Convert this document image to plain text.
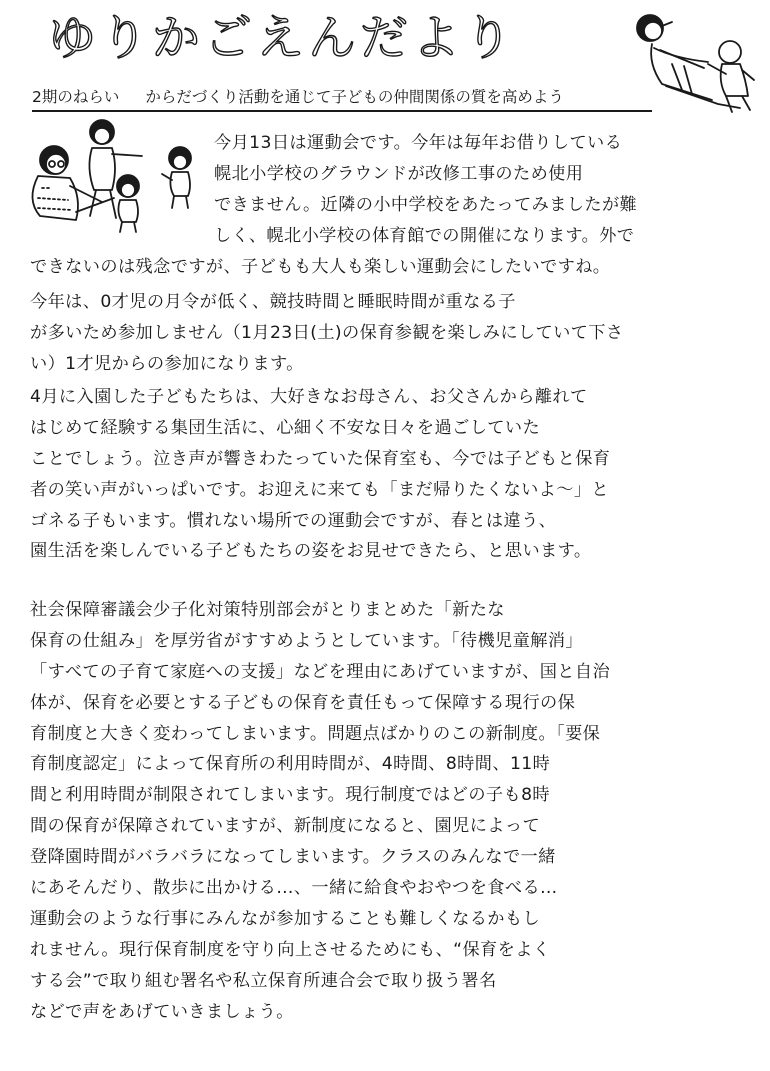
ゆりかごえんだより
2期のねらい からだづくり活動を通じて子どもの仲間関係の質を高めよう
今月13日は運動会です。今年は毎年お借りしている
幌北小学校のグラウンドが改修工事のため使用
できません。近隣の小中学校をあたってみましたが難
しく、幌北小学校の体育館での開催になります。外で
できないのは残念ですが、子どもも大人も楽しい運動会にしたいですね。
今年は、0才児の月令が低く、競技時間と睡眠時間が重なる子
が多いため参加しません（1月23日(土)の保育参観を楽しみにしていて下さ
い）1才児からの参加になります。
4月に入園した子どもたちは、大好きなお母さん、お父さんから離れて
はじめて経験する集団生活に、心細く不安な日々を過ごしていた
ことでしょう。泣き声が響きわたっていた保育室も、今では子どもと保育
者の笑い声がいっぱいです。お迎えに来ても「まだ帰りたくないよ～」と
ゴネる子もいます。慣れない場所での運動会ですが、春とは違う、
園生活を楽しんでいる子どもたちの姿をお見せできたら、と思います。
社会保障審議会少子化対策特別部会がとりまとめた「新たな
保育の仕組み」を厚労省がすすめようとしています。「待機児童解消」
「すべての子育て家庭への支援」などを理由にあげていますが、国と自治
体が、保育を必要とする子どもの保育を責任もって保障する現行の保
育制度と大きく変わってしまいます。問題点ばかりのこの新制度。「要保
育制度認定」によって保育所の利用時間が、4時間、8時間、11時
間と利用時間が制限されてしまいます。現行制度ではどの子も8時
間の保育が保障されていますが、新制度になると、園児によって
登降園時間がバラバラになってしまいます。クラスのみんなで一緒
にあそんだり、散歩に出かける…、一緒に給食やおやつを食べる…
運動会のような行事にみんなが参加することも難しくなるかもし
れません。現行保育制度を守り向上させるためにも、“保育をよく
する会”で取り組む署名や私立保育所連合会で取り扱う署名
などで声をあげていきましょう。
